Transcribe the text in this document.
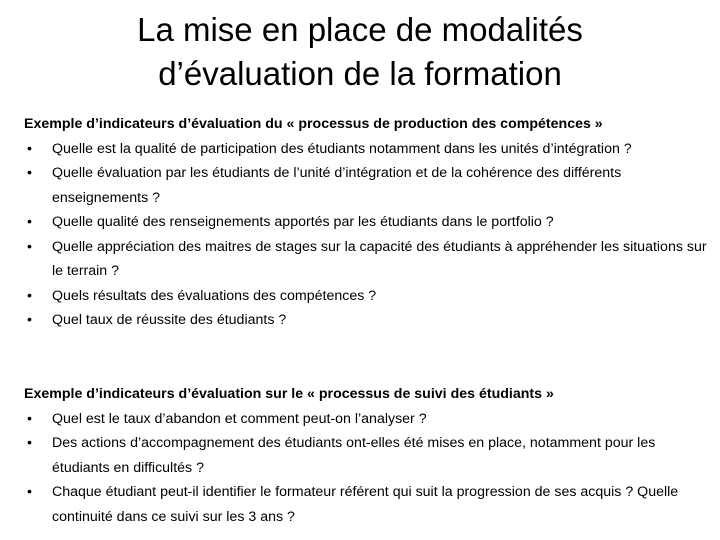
La mise en place de modalités
d’évaluation de la formation
Exemple d’indicateurs d’évaluation du « processus de production des compétences »
• Quelle est la qualité de participation des étudiants notamment dans les unités d’intégration ?
• Quelle évaluation par les étudiants de l’unité d’intégration et de la cohérence des différents enseignements ?
• Quelle qualité des renseignements apportés par les étudiants dans le portfolio ?
• Quelle appréciation des maitres de stages sur la capacité des étudiants à appréhender les situations sur le terrain ?
• Quels résultats des évaluations des compétences ?
• Quel taux de réussite des étudiants ?
Exemple d’indicateurs d’évaluation sur le « processus de suivi des étudiants »
• Quel est le taux d’abandon et comment peut-on l’analyser ?
• Des actions d’accompagnement des étudiants ont-elles été mises en place, notamment pour les étudiants en difficultés ?
• Chaque étudiant peut-il identifier le formateur référent qui suit la progression de ses acquis ? Quelle continuité dans ce suivi sur les 3 ans ?
